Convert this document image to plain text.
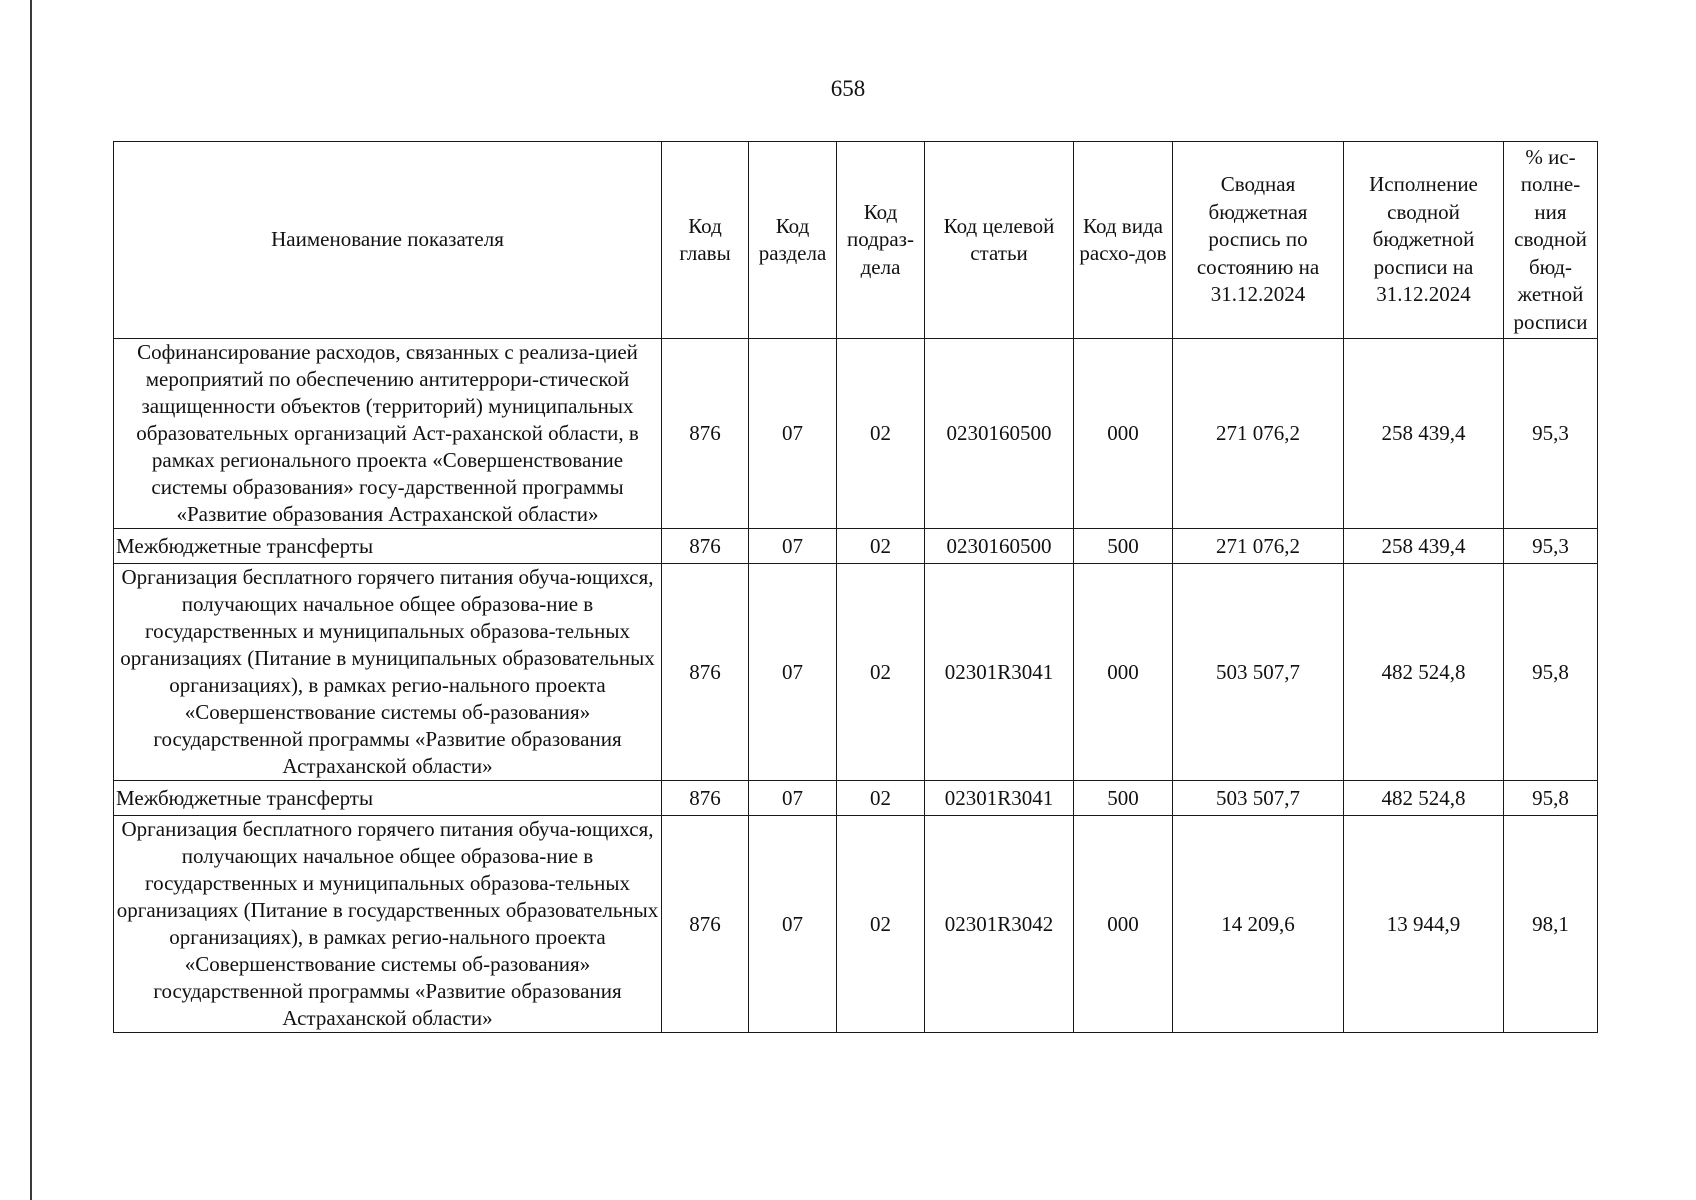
658
Наименование показателя	Код главы	Код раздела	Код подраз-дела	Код целевой статьи	Код вида расхо-дов	Сводная бюджетная роспись по состоянию на 31.12.2024	Исполнение сводной бюджетной росписи на 31.12.2024	% ис-полне-ния сводной бюд-жетной росписи
Софинансирование расходов, связанных с реализа-цией мероприятий по обеспечению антитеррори-стической защищенности объектов (территорий) муниципальных образовательных организаций Аст-раханской области, в рамках регионального проекта «Совершенствование системы образования» госу-дарственной программы «Развитие образования Астраханской области»	876	07	02	0230160500	000	271 076,2	258 439,4	95,3
Межбюджетные трансферты	876	07	02	0230160500	500	271 076,2	258 439,4	95,3
Организация бесплатного горячего питания обуча-ющихся, получающих начальное общее образова-ние в государственных и муниципальных образова-тельных организациях (Питание в муниципальных образовательных организациях), в рамках регио-нального проекта «Совершенствование системы об-разования» государственной программы «Развитие образования Астраханской области»	876	07	02	02301R3041	000	503 507,7	482 524,8	95,8
Межбюджетные трансферты	876	07	02	02301R3041	500	503 507,7	482 524,8	95,8
Организация бесплатного горячего питания обуча-ющихся, получающих начальное общее образова-ние в государственных и муниципальных образова-тельных организациях (Питание в государственных образовательных организациях), в рамках регио-нального проекта «Совершенствование системы об-разования» государственной программы «Развитие образования Астраханской области»	876	07	02	02301R3042	000	14 209,6	13 944,9	98,1
